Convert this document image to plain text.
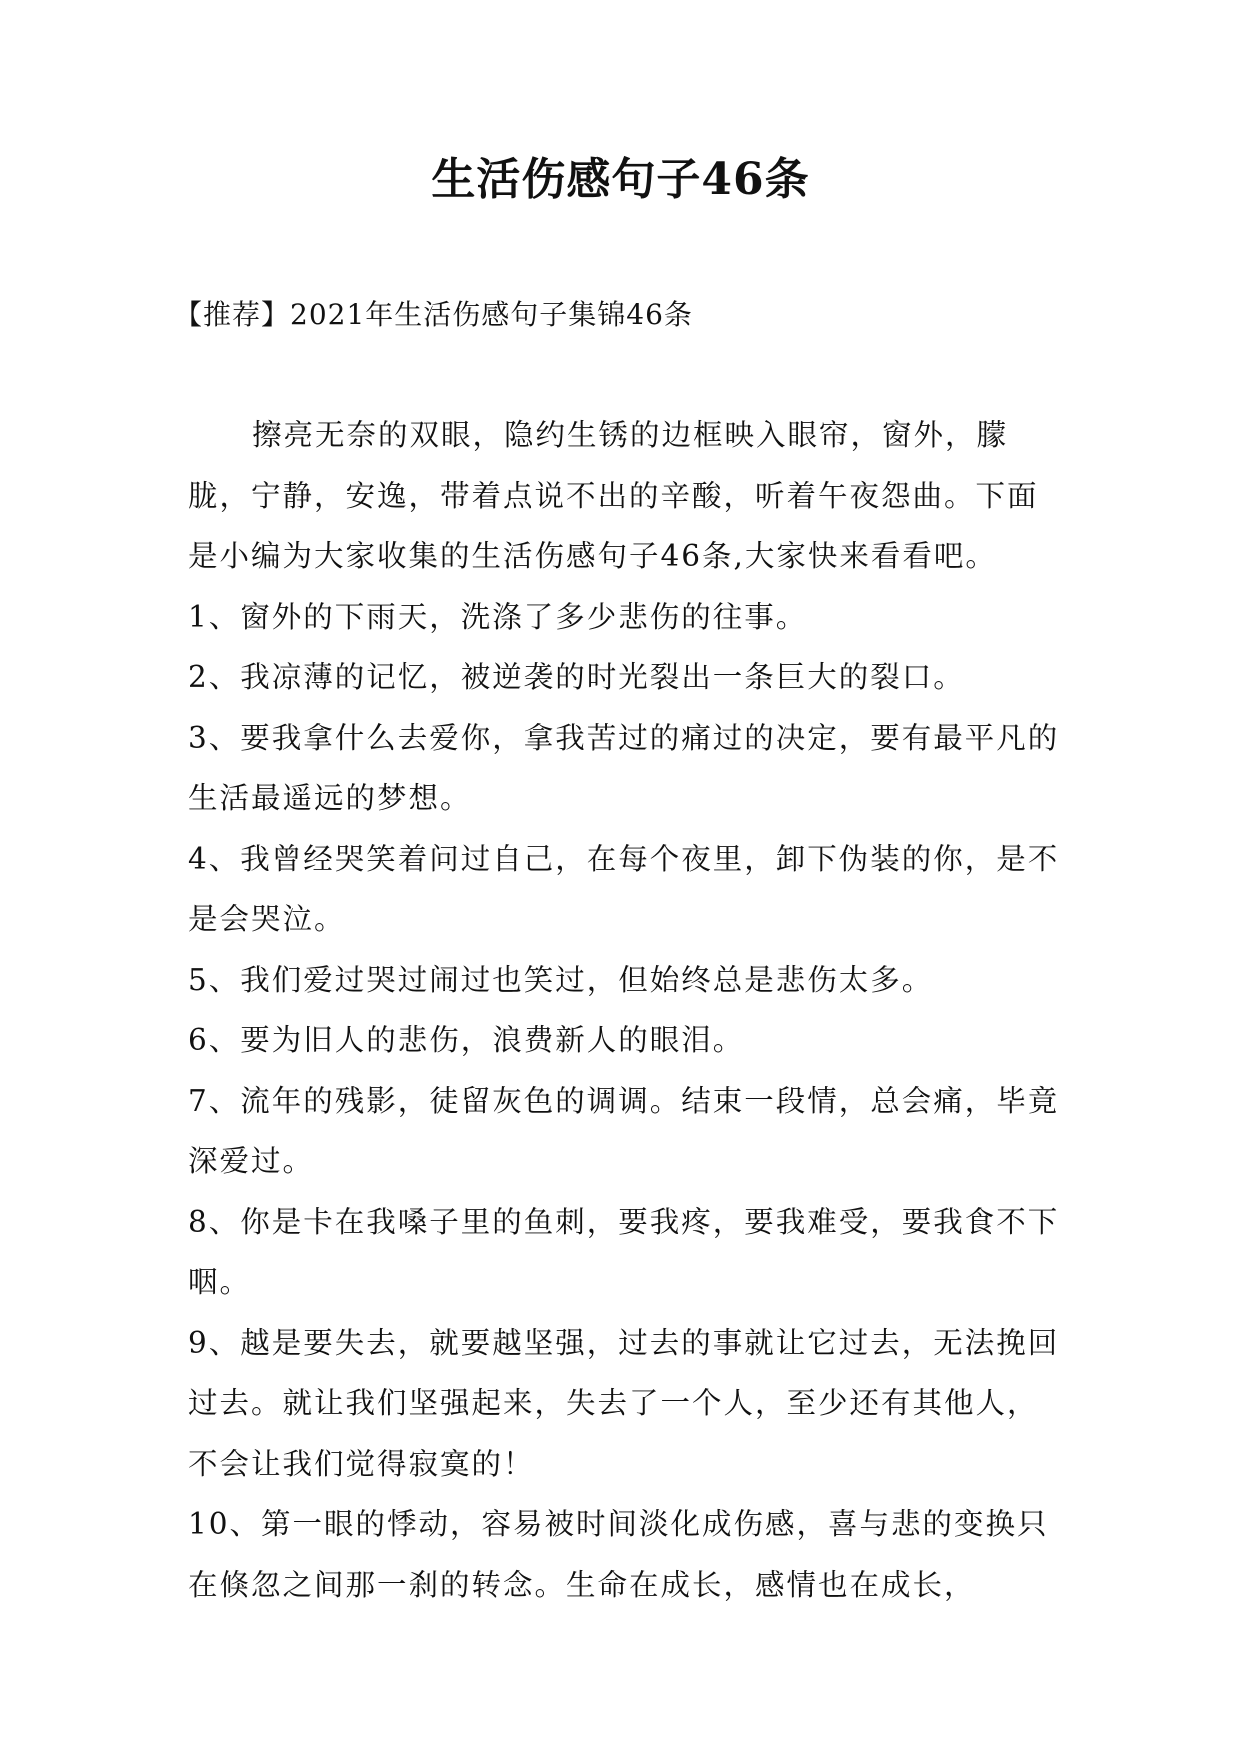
生活伤感句子46条

【推荐】2021年生活伤感句子集锦46条

擦亮无奈的双眼，隐约生锈的边框映入眼帘，窗外，朦胧，宁静，安逸，带着点说不出的辛酸，听着午夜怨曲。下面是小编为大家收集的生活伤感句子46条,大家快来看看吧。

1、窗外的下雨天，洗涤了多少悲伤的往事。

2、我凉薄的记忆，被逆袭的时光裂出一条巨大的裂口。

3、要我拿什么去爱你，拿我苦过的痛过的决定，要有最平凡的生活最遥远的梦想。

4、我曾经哭笑着问过自己，在每个夜里，卸下伪装的你，是不是会哭泣。

5、我们爱过哭过闹过也笑过，但始终总是悲伤太多。

6、要为旧人的悲伤，浪费新人的眼泪。

7、流年的残影，徒留灰色的调调。结束一段情，总会痛，毕竟深爱过。

8、你是卡在我嗓子里的鱼刺，要我疼，要我难受，要我食不下咽。

9、越是要失去，就要越坚强，过去的事就让它过去，无法挽回过去。就让我们坚强起来，失去了一个人，至少还有其他人，不会让我们觉得寂寞的！

10、第一眼的悸动，容易被时间淡化成伤感，喜与悲的变换只在倏忽之间那一刹的转念。生命在成长，感情也在成长，
